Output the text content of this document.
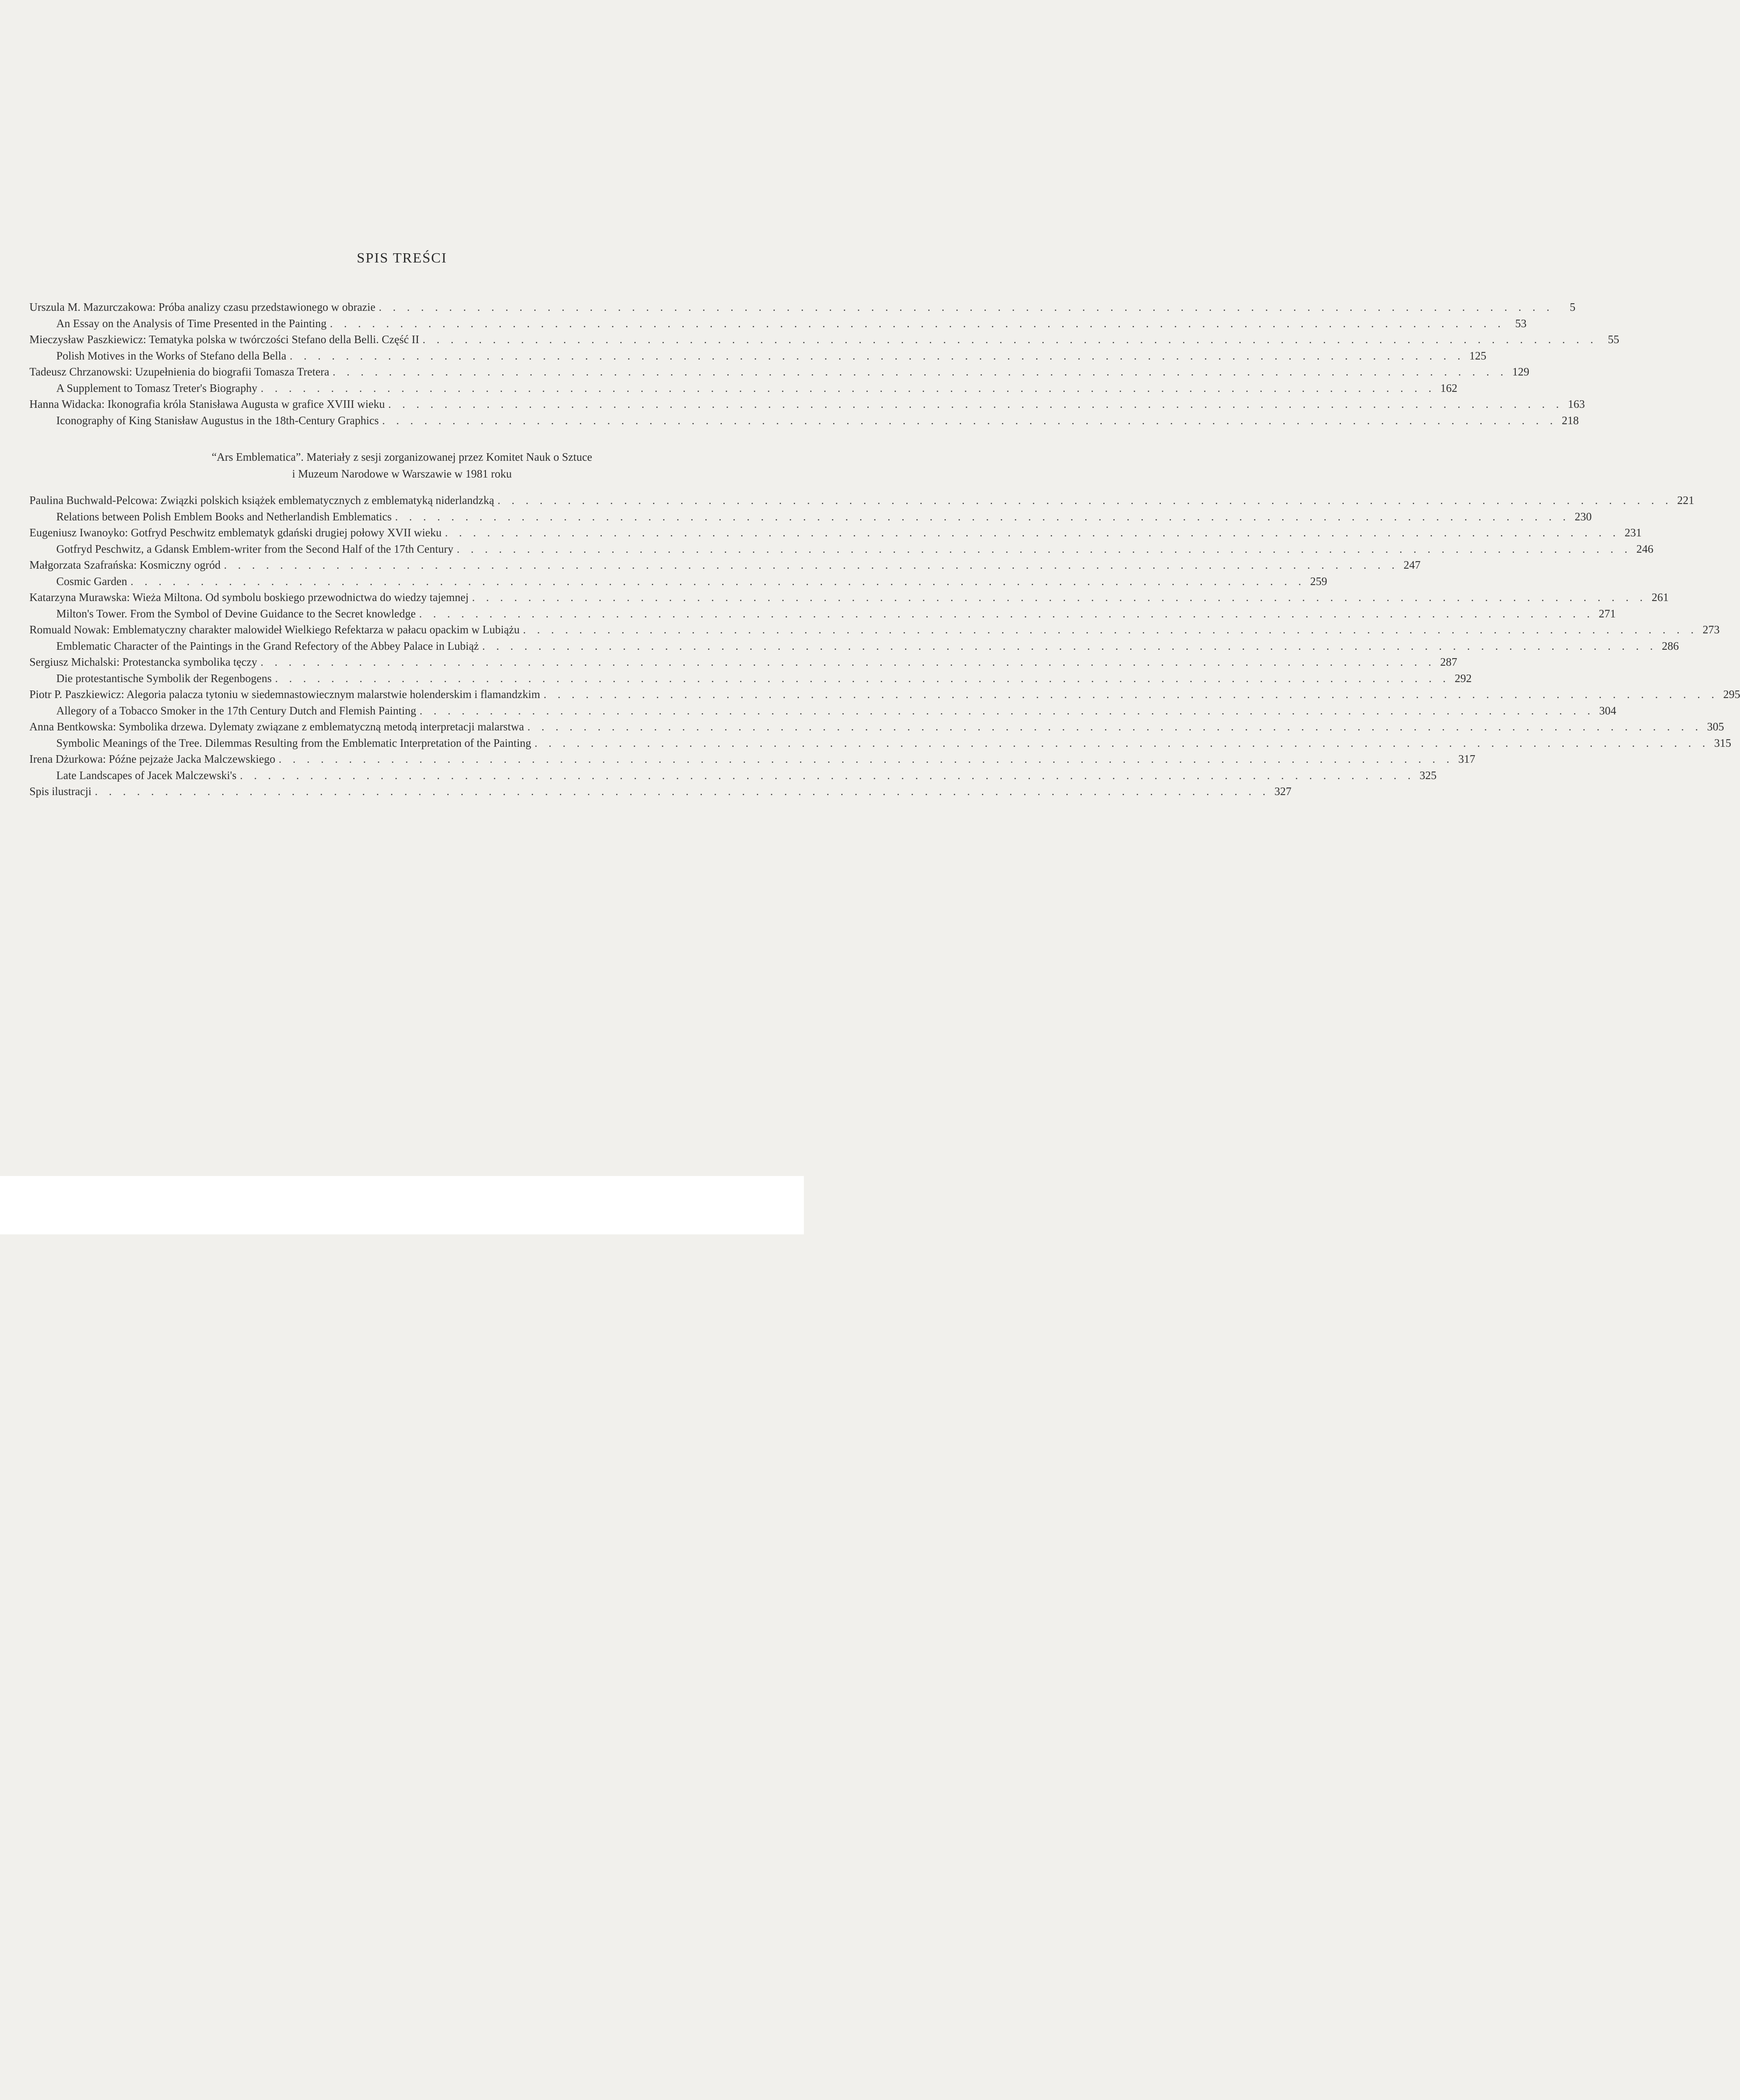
SPIS TREŚCI
Urszula M. Mazurczakowa: Próba analizy czasu przedstawionego w obrazie . . .	5
An Essay on the Analysis of Time Presented in the Painting . . .	53
Mieczysław Paszkiewicz: Tematyka polska w twórczości Stefano della Belli. Część II . . .	55
Polish Motives in the Works of Stefano della Bella . . .	125
Tadeusz Chrzanowski: Uzupełnienia do biografii Tomasza Tretera . . .	129
A Supplement to Tomasz Treter's Biography . . .	162
Hanna Widacka: Ikonografia króla Stanisława Augusta w grafice XVIII wieku . . .	163
Iconography of King Stanisław Augustus in the 18th-Century Graphics . . .	218
“Ars Emblematica”. Materiały z sesji zorganizowanej przez Komitet Nauk o Sztuce
i Muzeum Narodowe w Warszawie w 1981 roku
Paulina Buchwald-Pelcowa: Związki polskich książek emblematycznych z emblematyką niderlandzką . . .	221
Relations between Polish Emblem Books and Netherlandish Emblematics . . .	230
Eugeniusz Iwanoyko: Gotfryd Peschwitz emblematyk gdański drugiej połowy XVII wieku . . .	231
Gotfryd Peschwitz, a Gdansk Emblem-writer from the Second Half of the 17th Century . . .	246
Małgorzata Szafrańska: Kosmiczny ogród . . .	247
Cosmic Garden . . .	259
Katarzyna Murawska: Wieża Miltona. Od symbolu boskiego przewodnictwa do wiedzy tajemnej . . .	261
Milton's Tower. From the Symbol of Devine Guidance to the Secret knowledge . . .	271
Romuald Nowak: Emblematyczny charakter malowideł Wielkiego Refektarza w pałacu opackim w Lubiążu . . .	273
Emblematic Character of the Paintings in the Grand Refectory of the Abbey Palace in Lubiąż . . .	286
Sergiusz Michalski: Protestancka symbolika tęczy . . .	287
Die protestantische Symbolik der Regenbogens . . .	292
Piotr P. Paszkiewicz: Alegoria palacza tytoniu w siedemnastowiecznym malarstwie holenderskim i flamandzkim . . .	295
Allegory of a Tobacco Smoker in the 17th Century Dutch and Flemish Painting . . .	304
Anna Bentkowska: Symbolika drzewa. Dylematy związane z emblematyczną metodą interpretacji malarstwa . . .	305
Symbolic Meanings of the Tree. Dilemmas Resulting from the Emblematic Interpretation of the Painting . . .	315
Irena Dżurkowa: Późne pejzaże Jacka Malczewskiego . . .	317
Late Landscapes of Jacek Malczewski's . . .	325
Spis ilustracji . . .	327
